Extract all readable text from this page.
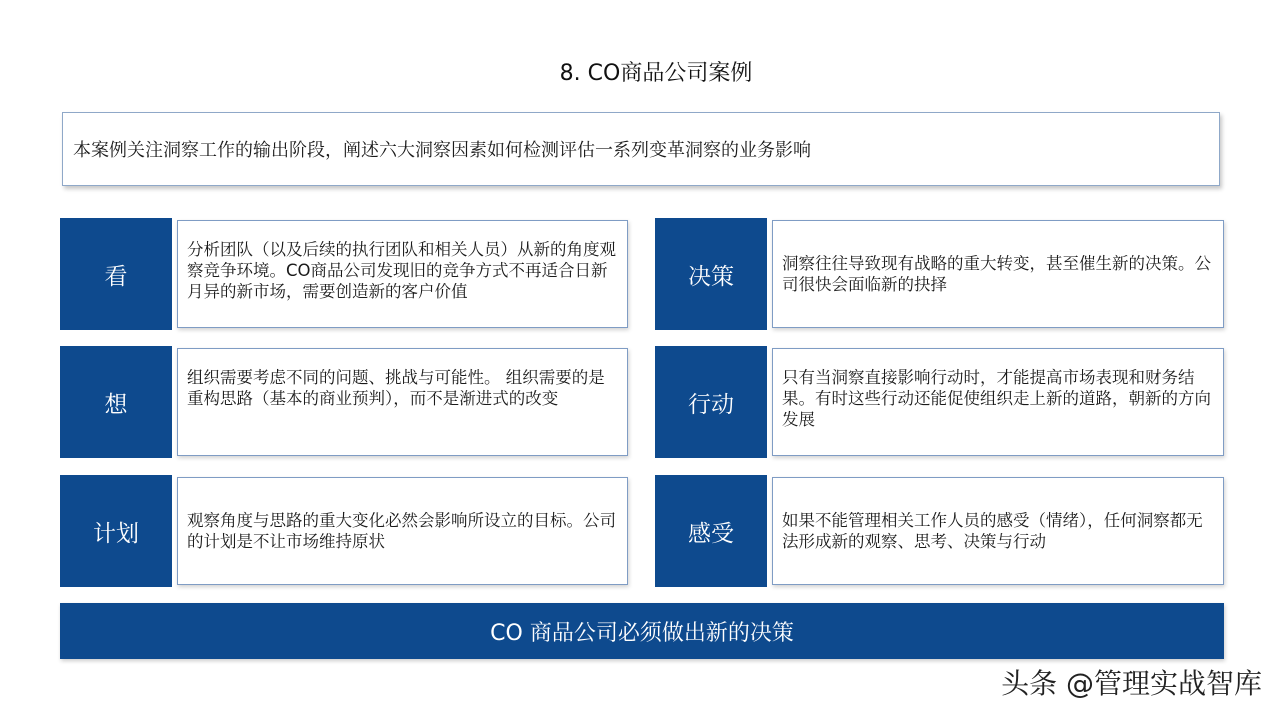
8. CO商品公司案例
本案例关注洞察工作的输出阶段，阐述六大洞察因素如何检测评估一系列变革洞察的业务影响
看
分析团队（以及后续的执行团队和相关人员）从新的角度观察竞争环境。CO商品公司发现旧的竞争方式不再适合日新月异的新市场，需要创造新的客户价值
想
组织需要考虑不同的问题、挑战与可能性。 组织需要的是重构思路（基本的商业预判），而不是渐进式的改变
计划	观察角度与思路的重大变化必然会影响所设立的目标。公司的计划是不让市场维持原状
决策	洞察往往导致现有战略的重大转变，甚至催生新的决策。公司很快会面临新的抉择
行动
只有当洞察直接影响行动时，才能提高市场表现和财务结果。有时这些行动还能促使组织走上新的道路，朝新的方向发展
感受	如果不能管理相关工作人员的感受（情绪），任何洞察都无法形成新的观察、思考、决策与行动
CO 商品公司必须做出新的决策
头条 @管理实战智库
